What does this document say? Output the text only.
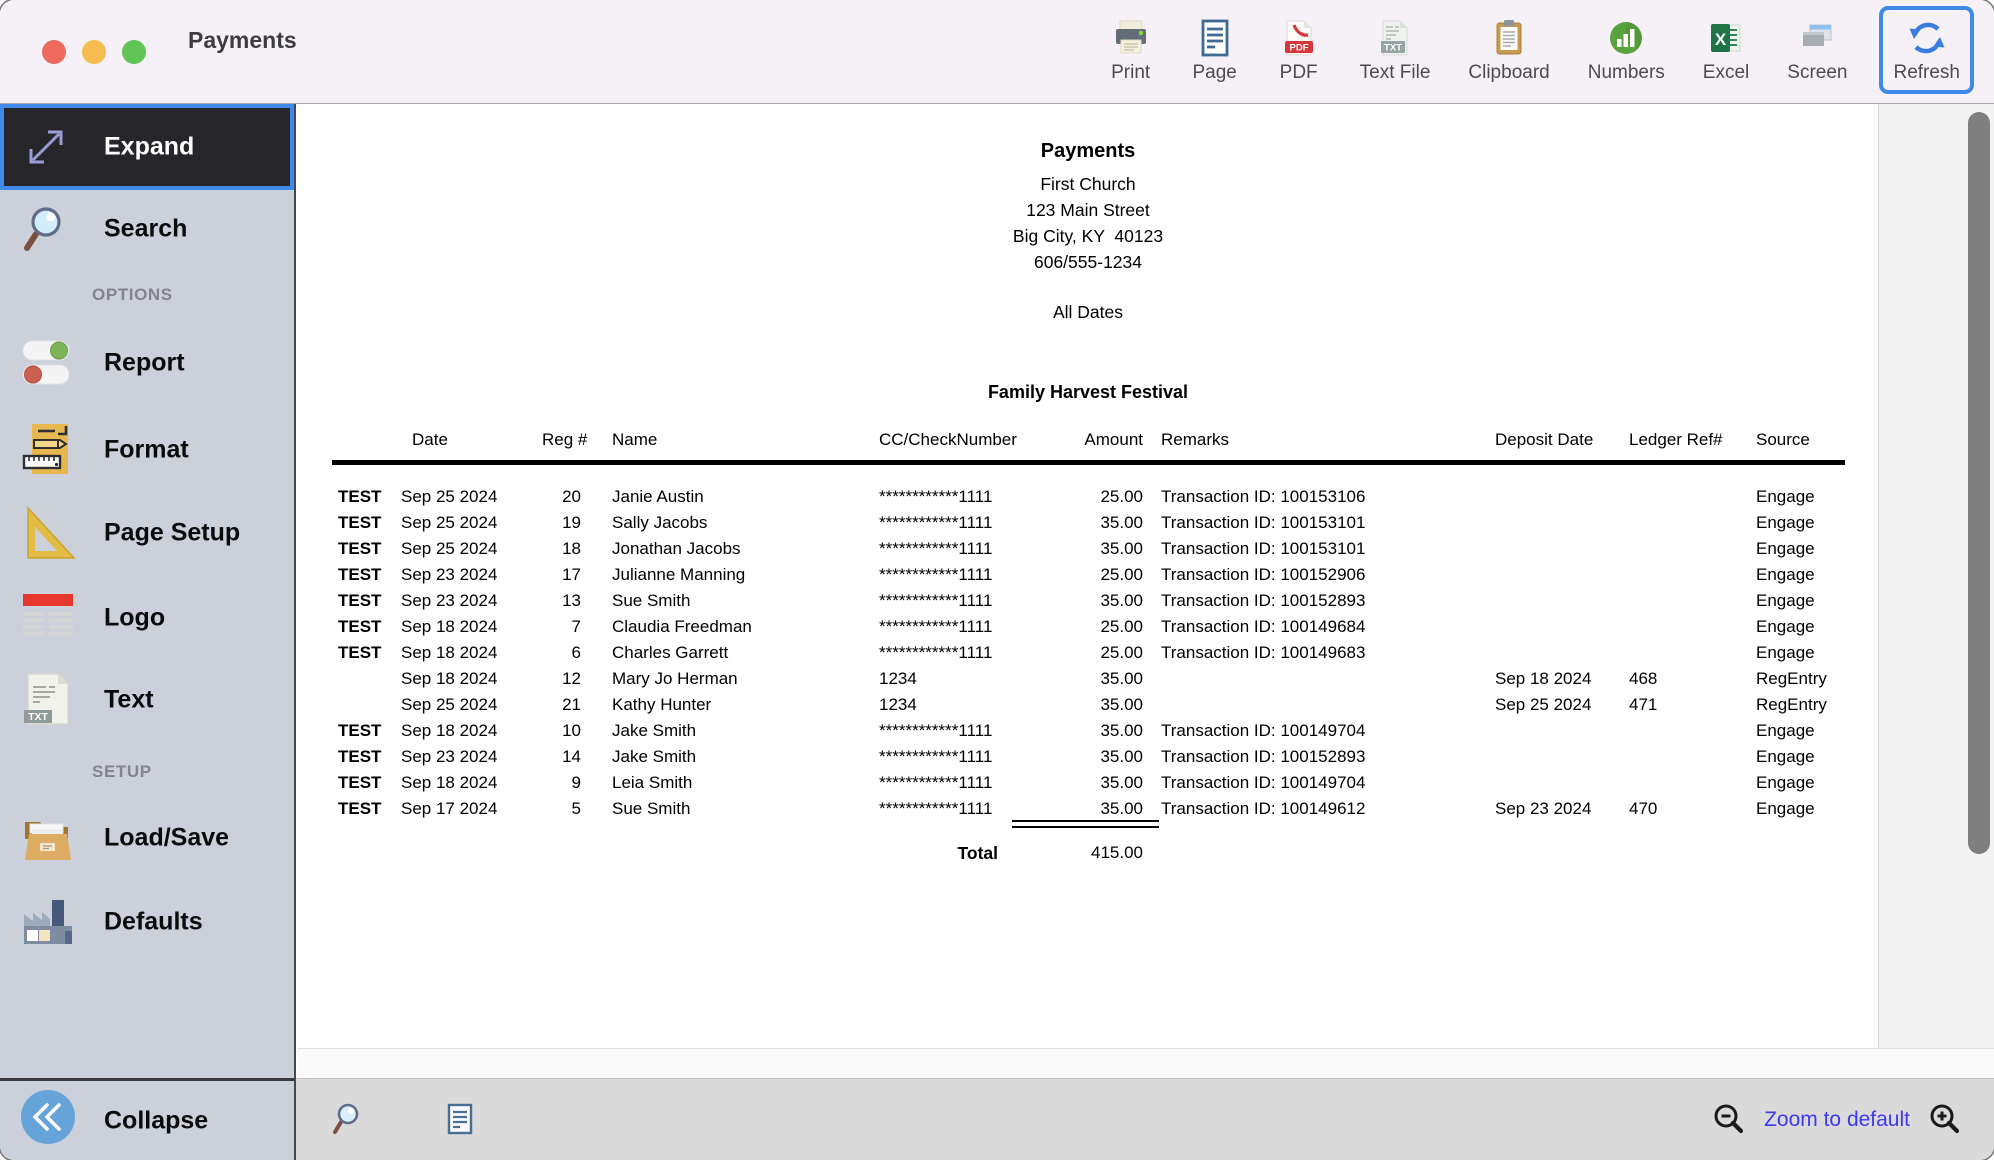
Payments
Print Page
PDF
PDF
TXT
Text File Clipboard Numbers
X
Excel Screen Refresh
Expand
Search
OPTIONS
Report
Format
Page Setup
Logo
TXT
Text
SETUP
Load/Save
Defaults
Collapse
Payments
First Church
123 Main Street
Big City, KY  40123
606/555-1234
All Dates
Family Harvest Festival
Date	Reg # Name	CC/CheckNumber	Amount Remarks	Deposit Date Ledger Ref# Source
TEST Sep 25 2024	20 Janie Austin	************1111	25.00 Transaction ID: 100153106	Engage
TEST Sep 25 2024	19 Sally Jacobs	************1111	35.00 Transaction ID: 100153101	Engage
TEST Sep 25 2024	18 Jonathan Jacobs	************1111	35.00 Transaction ID: 100153101	Engage
TEST Sep 23 2024	17 Julianne Manning	************1111	25.00 Transaction ID: 100152906	Engage
TEST Sep 23 2024	13 Sue Smith	************1111	35.00 Transaction ID: 100152893	Engage
TEST Sep 18 2024	7 Claudia Freedman	************1111	25.00 Transaction ID: 100149684	Engage
TEST Sep 18 2024	6 Charles Garrett	************1111	25.00 Transaction ID: 100149683	Engage
Sep 18 2024	12 Mary Jo Herman	1234	35.00	Sep 18 2024 468	RegEntry
Sep 25 2024	21 Kathy Hunter	1234	35.00	Sep 25 2024 471	RegEntry
TEST Sep 18 2024	10 Jake Smith	************1111	35.00 Transaction ID: 100149704	Engage
TEST Sep 23 2024	14 Jake Smith	************1111	35.00 Transaction ID: 100152893	Engage
TEST Sep 18 2024	9 Leia Smith	************1111	35.00 Transaction ID: 100149704	Engage
TEST Sep 17 2024	5 Sue Smith	************1111	35.00 Transaction ID: 100149612	Sep 23 2024 470	Engage
Total	415.00
Zoom to default
